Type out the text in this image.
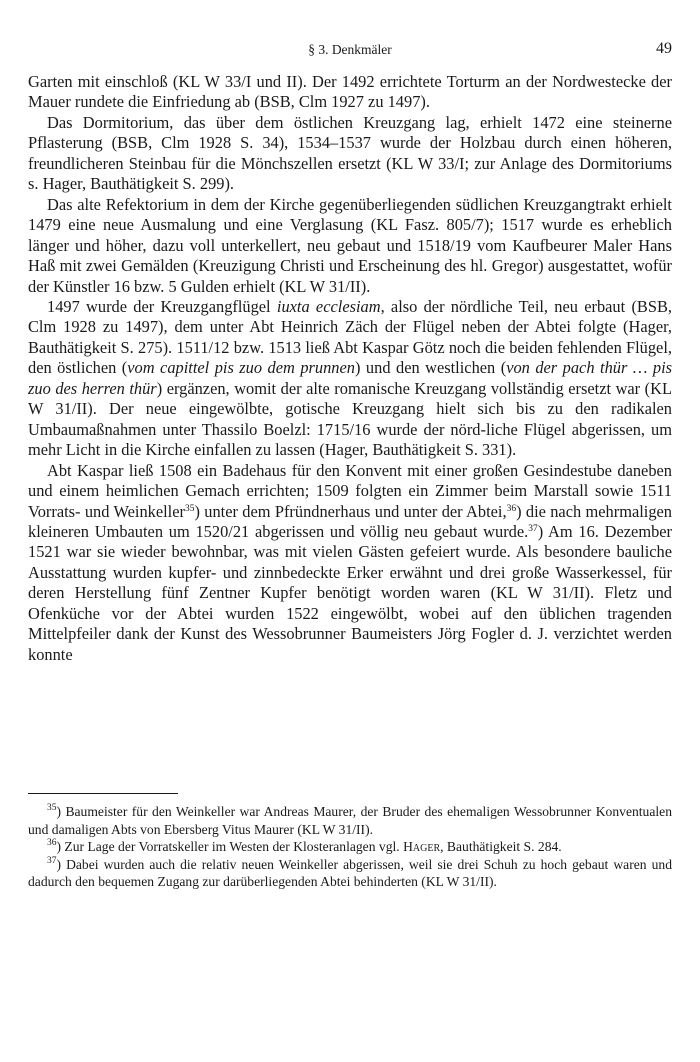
§ 3. Denkmäler	49

Garten mit einschloß (KL W 33/I und II). Der 1492 errichtete Torturm an der Nordwestecke der Mauer rundete die Einfriedung ab (BSB, Clm 1927 zu 1497).

Das Dormitorium, das über dem östlichen Kreuzgang lag, erhielt 1472 eine steinerne Pflasterung (BSB, Clm 1928 S. 34), 1534–1537 wurde der Holzbau durch einen höheren, freundlicheren Steinbau für die Mönchszellen ersetzt (KL W 33/I; zur Anlage des Dormitoriums s. Hager, Bauthätigkeit S. 299).

Das alte Refektorium in dem der Kirche gegenüberliegenden südlichen Kreuzgangtrakt erhielt 1479 eine neue Ausmalung und eine Verglasung (KL Fasz. 805/7); 1517 wurde es erheblich länger und höher, dazu voll unterkellert, neu gebaut und 1518/19 vom Kaufbeurer Maler Hans Haß mit zwei Gemälden (Kreuzigung Christi und Erscheinung des hl. Gregor) ausgestattet, wofür der Künstler 16 bzw. 5 Gulden erhielt (KL W 31/II).

1497 wurde der Kreuzgangflügel iuxta ecclesiam, also der nördliche Teil, neu erbaut (BSB, Clm 1928 zu 1497), dem unter Abt Heinrich Zäch der Flügel neben der Abtei folgte (Hager, Bauthätigkeit S. 275). 1511/12 bzw. 1513 ließ Abt Kaspar Götz noch die beiden fehlenden Flügel, den östlichen (vom capittel pis zuo dem prunnen) und den westlichen (von der pach thür … pis zuo des herren thür) ergänzen, womit der alte romanische Kreuzgang vollständig ersetzt war (KL W 31/II). Der neue eingewölbte, gotische Kreuzgang hielt sich bis zu den radikalen Umbaumaßnahmen unter Thassilo Boelzl: 1715/16 wurde der nörd-liche Flügel abgerissen, um mehr Licht in die Kirche einfallen zu lassen (Hager, Bauthätigkeit S. 331).

Abt Kaspar ließ 1508 ein Badehaus für den Konvent mit einer großen Gesindestube daneben und einem heimlichen Gemach errichten; 1509 folgten ein Zimmer beim Marstall sowie 1511 Vorrats- und Weinkeller$^{35}$) unter dem Pfründnerhaus und unter der Abtei,$^{36}$) die nach mehrmaligen kleineren Umbauten um 1520/21 abgerissen und völlig neu gebaut wurde.$^{37}$) Am 16. Dezember 1521 war sie wieder bewohnbar, was mit vielen Gästen gefeiert wurde. Als besondere bauliche Ausstattung wurden kupfer- und zinnbedeckte Erker erwähnt und drei große Wasserkessel, für deren Herstellung fünf Zentner Kupfer benötigt worden waren (KL W 31/II). Fletz und Ofenküche vor der Abtei wurden 1522 eingewölbt, wobei auf den üblichen tragenden Mittelpfeiler dank der Kunst des Wessobrunner Baumeisters Jörg Fogler d. J. verzichtet werden konnte

$^{35}$) Baumeister für den Weinkeller war Andreas Maurer, der Bruder des ehemaligen Wessobrunner Konventualen und damaligen Abts von Ebersberg Vitus Maurer (KL W 31/II).

$^{36}$) Zur Lage der Vorratskeller im Westen der Klosteranlagen vgl. Hager, Bauthätigkeit S. 284.

$^{37}$) Dabei wurden auch die relativ neuen Weinkeller abgerissen, weil sie drei Schuh zu hoch gebaut waren und dadurch den bequemen Zugang zur darüberliegenden Abtei behinderten (KL W 31/II).
